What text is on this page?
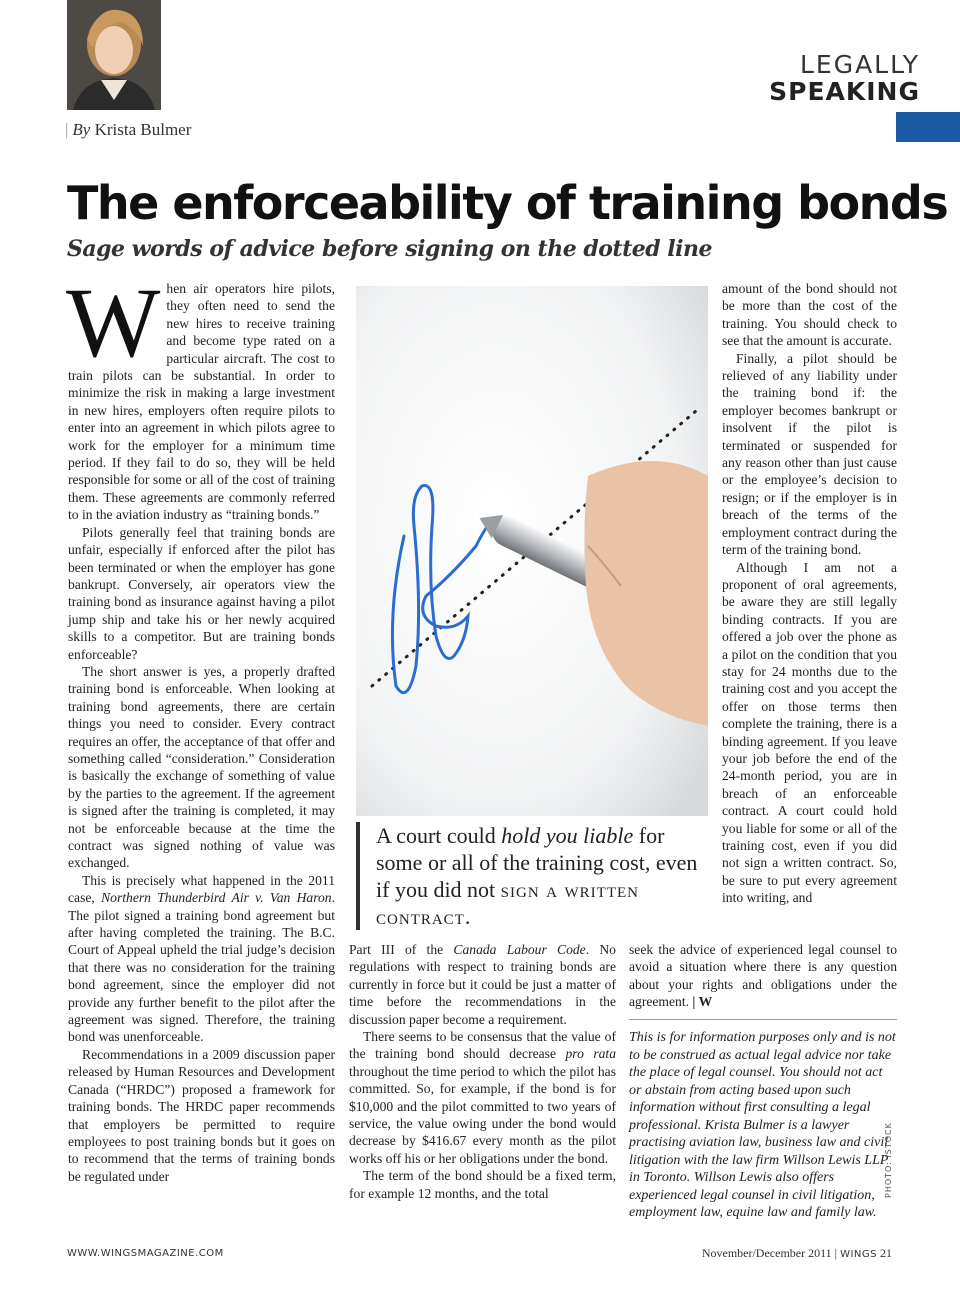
| By Krista Bulmer
LEGALLY
SPEAKING
The enforceability of training bonds
Sage words of advice before signing on the dotted line

When air operators hire pilots, they often need to send the new hires to receive training and become type rated on a particular aircraft. The cost to train pilots can be substantial. In order to minimize the risk in making a large investment in new hires, employers often require pilots to enter into an agreement in which pilots agree to work for the employer for a minimum time period. If they fail to do so, they will be held responsible for some or all of the cost of training them. These agreements are commonly referred to in the aviation industry as “training bonds.”

Pilots generally feel that training bonds are unfair, especially if enforced after the pilot has been terminated or when the employer has gone bankrupt. Conversely, air operators view the training bond as insurance against having a pilot jump ship and take his or her newly acquired skills to a competitor. But are training bonds enforceable?

The short answer is yes, a properly drafted training bond is enforceable. When looking at training bond agreements, there are certain things you need to consider. Every contract requires an offer, the acceptance of that offer and something called “consideration.” Consideration is basically the exchange of something of value by the parties to the agreement. If the agreement is signed after the training is completed, it may not be enforceable because at the time the contract was signed nothing of value was exchanged.

This is precisely what happened in the 2011 case, Northern Thunderbird Air v. Van Haron. The pilot signed a training bond agreement but after having completed the training. The B.C. Court of Appeal upheld the trial judge’s decision that there was no consideration for the training bond agreement, since the employer did not provide any further benefit to the pilot after the agreement was signed. Therefore, the training bond was unenforceable.

Recommendations in a 2009 discussion paper released by Human Resources and Development Canada (“HRDC”) proposed a framework for training bonds. The HRDC paper recommends that employers be permitted to require employees to post training bonds but it goes on to recommend that the terms of training bonds be regulated under

A court could hold you liable for some or all of the training cost, even if you did not sign a written contract.

Part III of the Canada Labour Code. No regulations with respect to training bonds are currently in force but it could be just a matter of time before the recommendations in the discussion paper become a requirement.

There seems to be consensus that the value of the training bond should decrease pro rata throughout the time period to which the pilot has committed. So, for example, if the bond is for $10,000 and the pilot committed to two years of service, the value owing under the bond would decrease by $416.67 every month as the pilot works off his or her obligations under the bond.

The term of the bond should be a fixed term, for example 12 months, and the total

amount of the bond should not be more than the cost of the training. You should check to see that the amount is accurate.

Finally, a pilot should be relieved of any liability under the training bond if: the employer becomes bankrupt or insolvent if the pilot is terminated or suspended for any reason other than just cause or the employee’s decision to resign; or if the employer is in breach of the terms of the employment contract during the term of the training bond.

Although I am not a proponent of oral agreements, be aware they are still legally binding contracts. If you are offered a job over the phone as a pilot on the condition that you stay for 24 months due to the training cost and you accept the offer on those terms then complete the training, there is a binding agreement. If you leave your job before the end of the 24-month period, you are in breach of an enforceable contract. A court could hold you liable for some or all of the training cost, even if you did not sign a written contract. So, be sure to put every agreement into writing, and

seek the advice of experienced legal counsel to avoid a situation where there is any question about your rights and obligations under the agreement. | W

This is for information purposes only and is not to be construed as actual legal advice nor take the place of legal counsel. You should not act or abstain from acting based upon such information without first consulting a legal professional. Krista Bulmer is a lawyer practising aviation law, business law and civil litigation with the law firm Willson Lewis LLP in Toronto. Willson Lewis also offers experienced legal counsel in civil litigation, employment law, equine law and family law.
PHOTO: ISTOCK
WWW.WINGSMAGAZINE.COM	November/December 2011 | WINGS 21
